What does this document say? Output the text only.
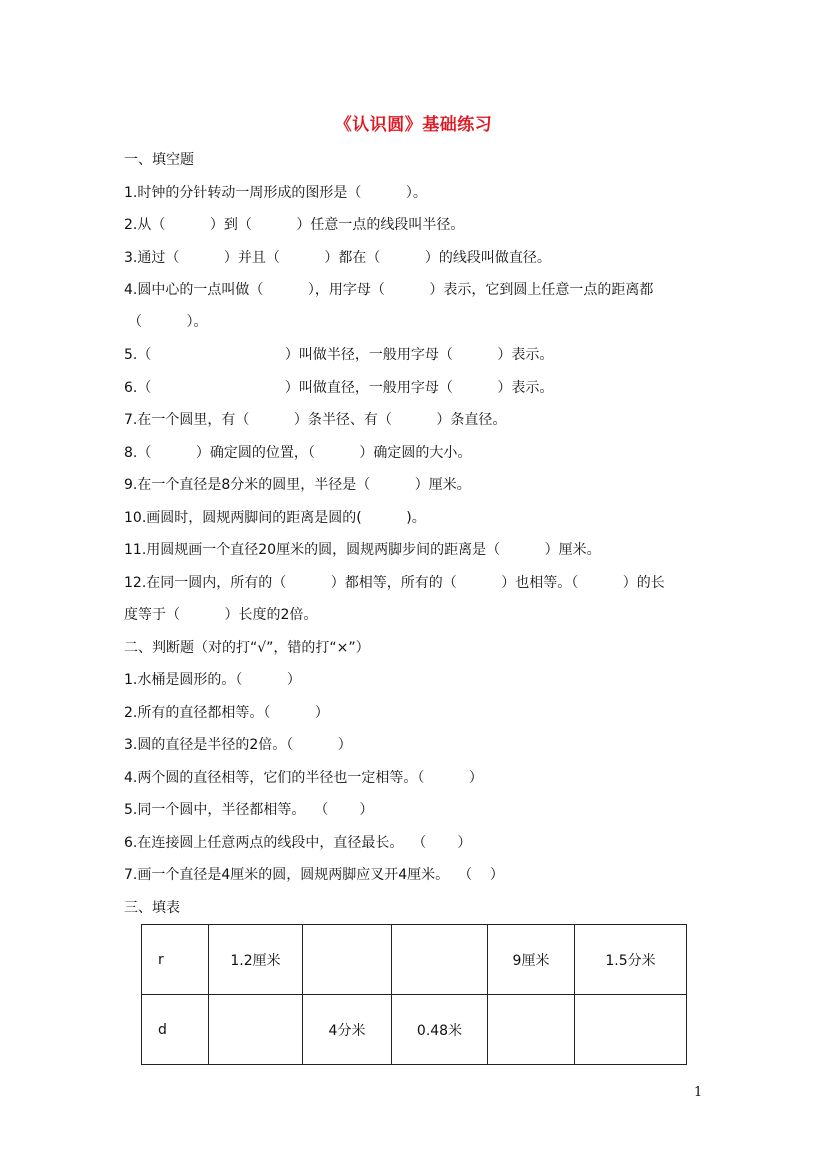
《认识圆》基础练习
一、填空题
1.时钟的分针转动一周形成的图形是（          ）。
2.从（          ）到（          ）任意一点的线段叫半径。
3.通过（          ）并且（          ）都在（          ）的线段叫做直径。
4.圆中心的一点叫做（          ），用字母（          ）表示，它到圆上任意一点的距离都
（          ）。
5.（                              ）叫做半径，一般用字母（          ）表示。
6.（                              ）叫做直径，一般用字母（          ）表示。
7.在一个圆里，有（          ）条半径、有（          ）条直径。
8.（          ）确定圆的位置，（          ）确定圆的大小。
9.在一个直径是8分米的圆里，半径是（          ）厘米。
10.画圆时，圆规两脚间的距离是圆的(          )。
11.用圆规画一个直径20厘米的圆，圆规两脚步间的距离是（          ）厘米。
12.在同一圆内，所有的（          ）都相等，所有的（          ）也相等。（          ）的长
度等于（          ）长度的2倍。
二、判断题（对的打“√”，错的打“×”）
1.水桶是圆形的。（          ）
2.所有的直径都相等。（          ）
3.圆的直径是半径的2倍。（          ）
4.两个圆的直径相等，它们的半径也一定相等。（          ）
5.同一个圆中，半径都相等。  （       ）
6.在连接圆上任意两点的线段中，直径最长。  （       ）
7.画一个直径是4厘米的圆，圆规两脚应叉开4厘米。  （    ）
三、填表
r	1.2厘米			9厘米	1.5分米
d		4分米	0.48米		
1
